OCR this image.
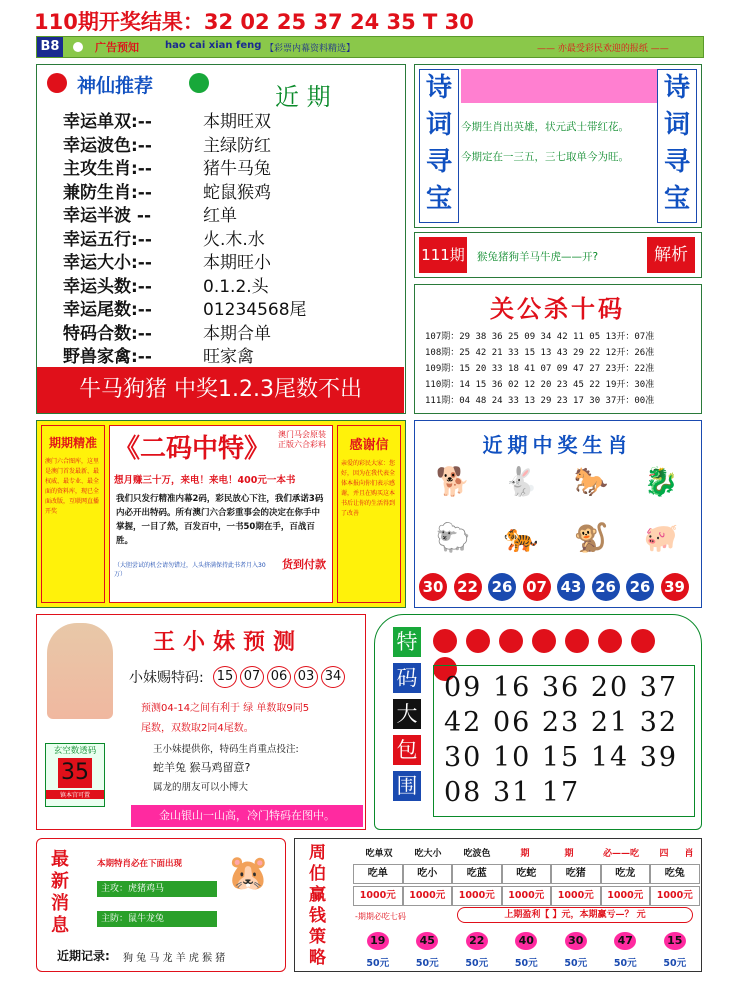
110期开奖结果：32 02 25 37 24 35 T 30
B8	广告预知	hao cai xian feng 【彩票内幕资料精选】	—— 亦最受彩民欢迎的报纸 ——
神仙推荐	近 期
幸运单双:--	本期旺双
幸运波色:--	主绿防红
主攻生肖:--	猪牛马兔
兼防生肖:--	蛇鼠猴鸡
幸运半波 --	红单
幸运五行:--	火.木.水
幸运大小:--	本期旺小
幸运头数:--	0.1.2.头
幸运尾数:--	01234568尾
特码合数:--	本期合单
野兽家禽:--	旺家禽
牛马狗猪 中奖1.2.3尾数不出
诗
词
寻
宝
今期生肖出英雄，状元武士带红花。
今期定在一三五，三七取单今为旺。
诗
词
寻
宝
111期 猴兔猪狗羊马牛虎——开?	解析
关公杀十码
107期：29 38 36 25 09 34 42 11 05 13开：07准
108期：25 42 21 33 15 13 43 29 22 12开：26准
109期：15 20 33 18 41 07 09 47 27 23开：22准
110期：14 15 36 02 12 20 23 45 22 19开：30准
111期：04 48 24 33 13 29 23 17 30 37开：00准
期期精准
澳门六合图库，这里是澳门首发最新、最权威、最专业、最全面的资料库，现已全面改版，互联网直播开奖
《二码中特》 澳门马会原装正版六合彩料
想月赚三十万，来电！来电！400元一本书
我们只发行精准内幕2码，彩民放心下注，我们承诺3码内必开出特码。所有澳门六合彩重事会的决定在你手中掌握，一目了然，百发百中，一书50期在手，百战百胜。
（大胆尝试的机会请勿错过，人头挤满保持此书者月入30万）
货到付款
感谢信
亲爱的彩民大家：您好，因为在我代表全体本报向你们表示感谢，并且在购买这本书后让你的生活得到了改善
近期中奖生肖
🐕 🐇 🐎 🐉
🐑 🐅 🐒 🐖
30 22 26 07 43 26 26 39
王小妹预测
小妹赐特码: 15 07 06 03 34
预测04-14之间有利于 绿 单数取9同5
尾数，双数取2同4尾数。
王小妹提供你，特码生肖重点投注:
蛇羊兔 猴马鸡留意?
属龙的朋友可以小博大
金山银山一山高，冷门特码在图中。
玄空数透码
35
镇本宫可置
特
码
大
包
围
09 16 36 20 37
42 06 23 21 32
30 10 15 14 39
08 31 17
最
新
消
息
本期特肖必在下面出现
主攻：虎猪鸡马
主防：鼠牛龙兔
🐹
近期记录: 狗 兔 马 龙 羊 虎 猴 猪
周
伯
赢
钱
策
略
吃单双 吃大小 吃波色	期	期	必——吃 四 肖
吃单	吃小	吃蓝	吃蛇	吃猪	吃龙	吃兔
1000元 1000元 1000元 1000元 1000元 1000元 1000元
-期期必吃七码	上期盈利【 】元，本期赢亏—？ 元
19	45	22	40	30	47	15
50元	50元	50元	50元	50元	50元	50元
